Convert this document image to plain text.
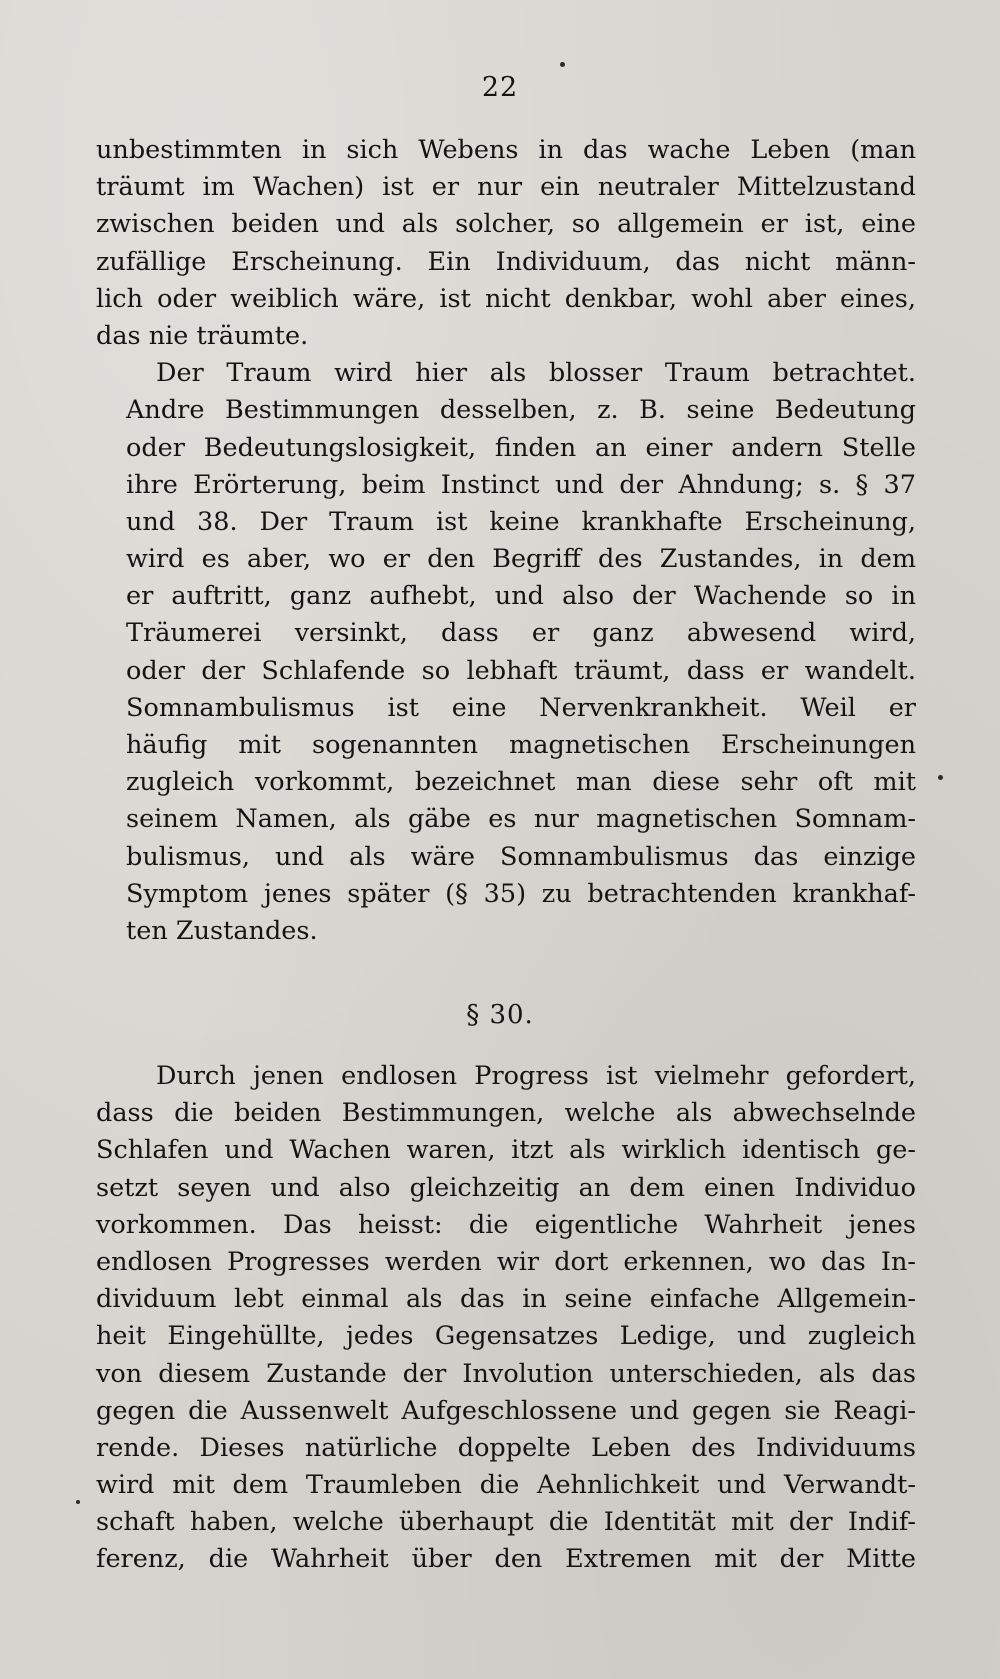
22
unbestimmten in sich Webens in das wache Leben (man
träumt im Wachen) ist er nur ein neutraler Mittelzustand
zwischen beiden und als solcher, so allgemein er ist, eine
zufällige Erscheinung. Ein Individuum, das nicht männ-
lich oder weiblich wäre, ist nicht denkbar, wohl aber eines,
das nie träumte.
Der Traum wird hier als blosser Traum betrachtet.
Andre Bestimmungen desselben, z. B. seine Bedeutung
oder Bedeutungslosigkeit, finden an einer andern Stelle
ihre Erörterung, beim Instinct und der Ahndung; s. § 37
und 38. Der Traum ist keine krankhafte Erscheinung,
wird es aber, wo er den Begriff des Zustandes, in dem
er auftritt, ganz aufhebt, und also der Wachende so in
Träumerei versinkt, dass er ganz abwesend wird,
oder der Schlafende so lebhaft träumt, dass er wandelt.
Somnambulismus ist eine Nervenkrankheit. Weil er
häufig mit sogenannten magnetischen Erscheinungen
zugleich vorkommt, bezeichnet man diese sehr oft mit
seinem Namen, als gäbe es nur magnetischen Somnam-
bulismus, und als wäre Somnambulismus das einzige
Symptom jenes später (§ 35) zu betrachtenden krankhaf-
ten Zustandes.
§ 30.
Durch jenen endlosen Progress ist vielmehr gefordert,
dass die beiden Bestimmungen, welche als abwechselnde
Schlafen und Wachen waren, itzt als wirklich identisch ge-
setzt seyen und also gleichzeitig an dem einen Individuo
vorkommen. Das heisst: die eigentliche Wahrheit jenes
endlosen Progresses werden wir dort erkennen, wo das In-
dividuum lebt einmal als das in seine einfache Allgemein-
heit Eingehüllte, jedes Gegensatzes Ledige, und zugleich
von diesem Zustande der Involution unterschieden, als das
gegen die Aussenwelt Aufgeschlossene und gegen sie Reagi-
rende. Dieses natürliche doppelte Leben des Individuums
wird mit dem Traumleben die Aehnlichkeit und Verwandt-
schaft haben, welche überhaupt die Identität mit der Indif-
ferenz, die Wahrheit über den Extremen mit der Mitte
